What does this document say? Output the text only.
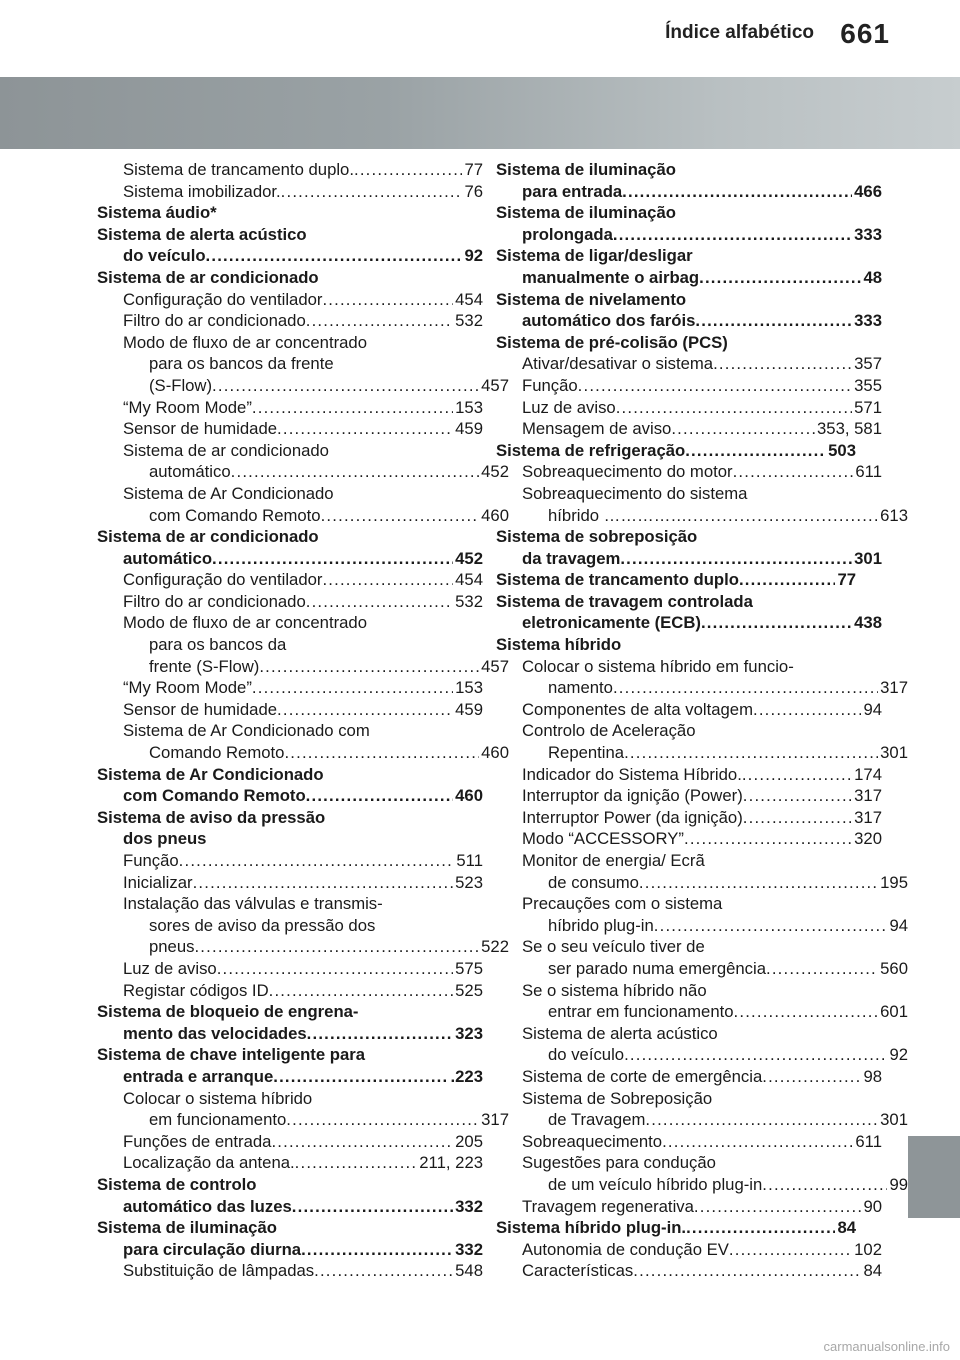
Índice alfabético 661
Sistema de trancamento duplo. .....	77
Sistema imobilizador. .....	76
Sistema áudio*
Sistema de alerta acústico
do veículo .....	92
Sistema de ar condicionado
Configuração do ventilador .....	454
Filtro do ar condicionado .....	532
Modo de fluxo de ar concentrado
para os bancos da frente
(S-Flow) .....	457
“My Room Mode” .....	153
Sensor de humidade .....	459
Sistema de ar condicionado
automático .....	452
Sistema de Ar Condicionado
com Comando Remoto .....	460
Sistema de ar condicionado
automático .....	452
Configuração do ventilador .....	454
Filtro do ar condicionado .....	532
Modo de fluxo de ar concentrado
para os bancos da
frente (S-Flow) .....	457
“My Room Mode” .....	153
Sensor de humidade .....	459
Sistema de Ar Condicionado com
Comando Remoto .....	460
Sistema de Ar Condicionado
com Comando Remoto .....	460
Sistema de aviso da pressão
dos pneus
Função .....	511
Inicializar .....	523
Instalação das válvulas e transmis-
sores de aviso da pressão dos
pneus .....	522
Luz de aviso .....	575
Registar códigos ID .....	525
Sistema de bloqueio de engrena-
mento das velocidades .....	323
Sistema de chave inteligente para
entrada e arranque .....	.223
Colocar o sistema híbrido
em funcionamento .....	317
Funções de entrada .....	205
Localização da antena. .....	211, 223
Sistema de controlo
automático das luzes .....	332
Sistema de iluminação
para circulação diurna .....	332
Substituição de lâmpadas .....	548
Sistema de iluminação
para entrada .....	466
Sistema de iluminação
prolongada .....	333
Sistema de ligar/desligar
manualmente o airbag .....	48
Sistema de nivelamento
automático dos faróis .....	333
Sistema de pré-colisão (PCS)
Ativar/desativar o sistema .....	357
Função .....	355
Luz de aviso .....	571
Mensagem de aviso .....	353, 581
Sistema de refrigeração .....	503
Sobreaquecimento do motor .....	611
Sobreaquecimento do sistema
híbrido …………… .....	613
Sistema de sobreposição
da travagem .....	301
Sistema de trancamento duplo .....	77
Sistema de travagem controlada
eletronicamente (ECB) .....	438
Sistema híbrido
Colocar o sistema híbrido em funcio-
namento .....	317
Componentes de alta voltagem .....	94
Controlo de Aceleração
Repentina .....	301
Indicador do Sistema Híbrido. .....	174
Interruptor da ignição (Power) .....	317
Interruptor Power (da ignição) .....	317
Modo “ACCESSORY” .....	320
Monitor de energia/ Ecrã
de consumo .....	195
Precauções com o sistema
híbrido plug-in .....	94
Se o seu veículo tiver de
ser parado numa emergência .....	560
Se o sistema híbrido não
entrar em funcionamento .....	601
Sistema de alerta acústico
do veículo .....	92
Sistema de corte de emergência .....	98
Sistema de Sobreposição
de Travagem .....	301
Sobreaquecimento .....	611
Sugestões para condução
de um veículo híbrido plug-in .....	99
Travagem regenerativa .....	90
Sistema híbrido plug-in. .....	84
Autonomia de condução EV .....	102
Características .....	84
carmanualsonline.info
